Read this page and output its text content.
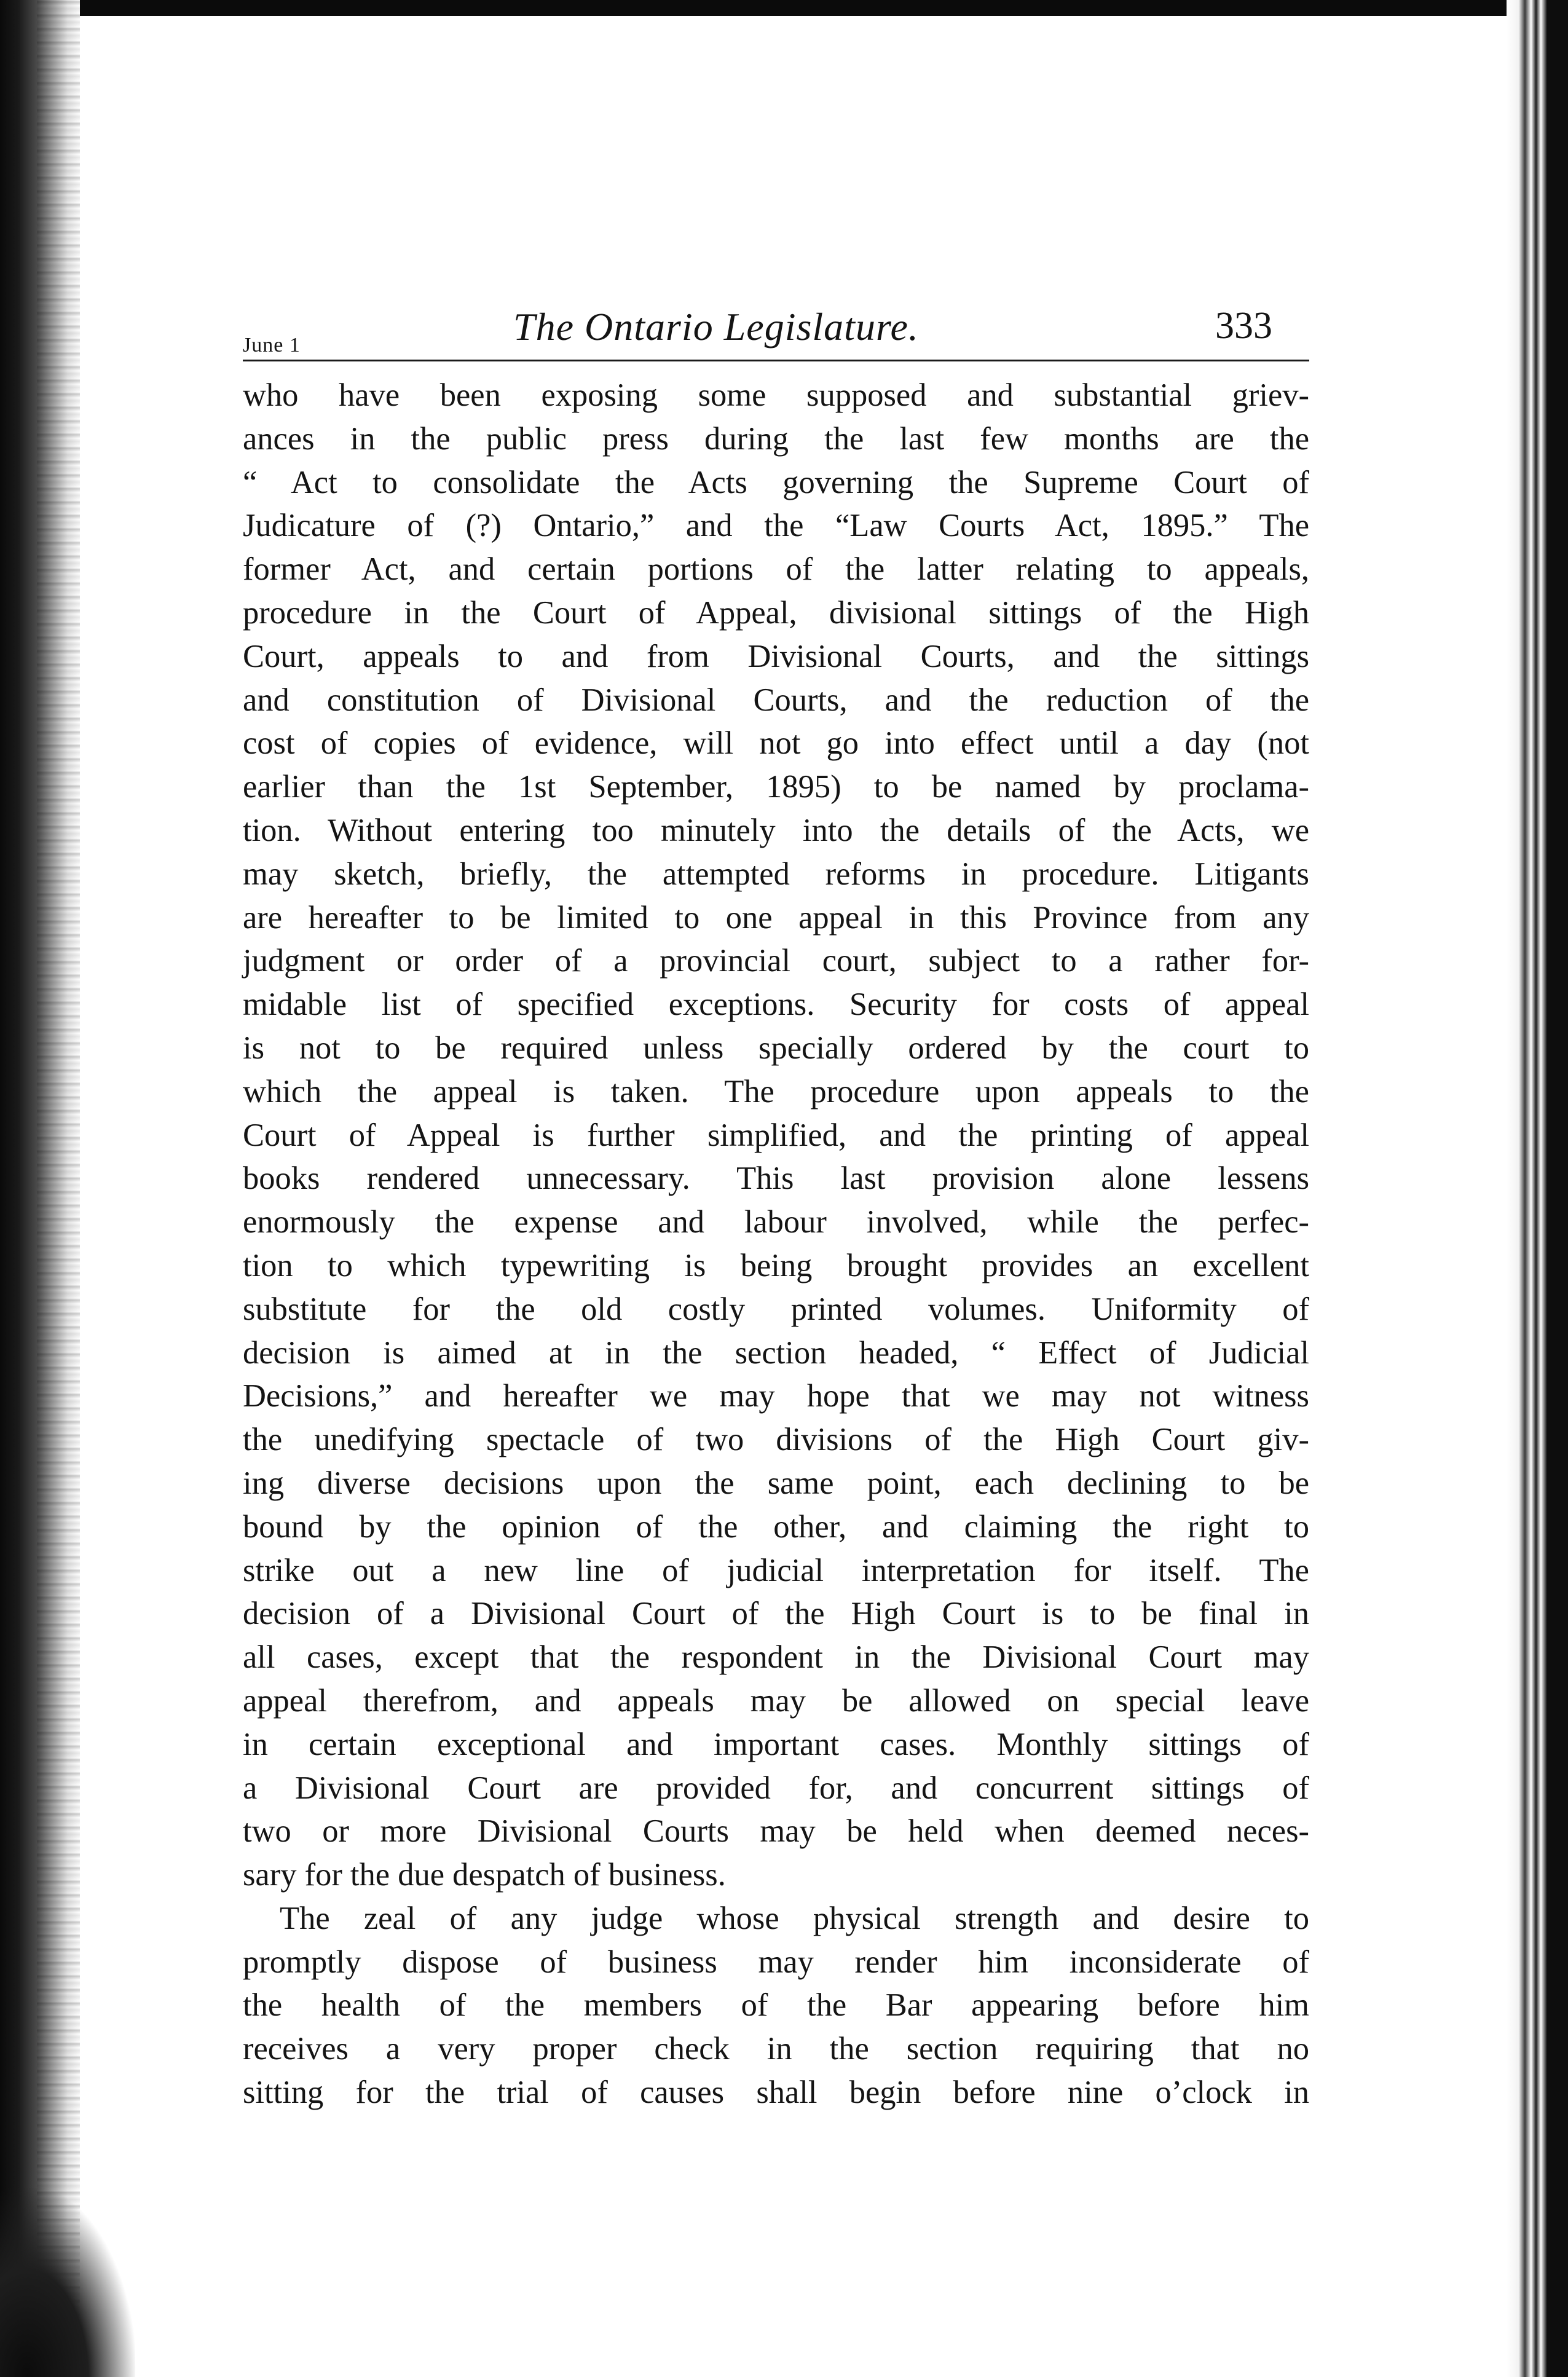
June 1	The Ontario Legislature.	333
who have been exposing some supposed and substantial griev-
ances in the public press during the last few months are the
“ Act to consolidate the Acts governing the Supreme Court of
Judicature of (?) Ontario,” and the “Law Courts Act, 1895.” The
former Act, and certain portions of the latter relating to appeals,
procedure in the Court of Appeal, divisional sittings of the High
Court, appeals to and from Divisional Courts, and the sittings
and constitution of Divisional Courts, and the reduction of the
cost of copies of evidence, will not go into effect until a day (not
earlier than the 1st September, 1895) to be named by proclama-
tion. Without entering too minutely into the details of the Acts, we
may sketch, briefly, the attempted reforms in procedure. Litigants
are hereafter to be limited to one appeal in this Province from any
judgment or order of a provincial court, subject to a rather for-
midable list of specified exceptions. Security for costs of appeal
is not to be required unless specially ordered by the court to
which the appeal is taken. The procedure upon appeals to the
Court of Appeal is further simplified, and the printing of appeal
books rendered unnecessary. This last provision alone lessens
enormously the expense and labour involved, while the perfec-
tion to which typewriting is being brought provides an excellent
substitute for the old costly printed volumes. Uniformity of
decision is aimed at in the section headed, “ Effect of Judicial
Decisions,” and hereafter we may hope that we may not witness
the unedifying spectacle of two divisions of the High Court giv-
ing diverse decisions upon the same point, each declining to be
bound by the opinion of the other, and claiming the right to
strike out a new line of judicial interpretation for itself. The
decision of a Divisional Court of the High Court is to be final in
all cases, except that the respondent in the Divisional Court may
appeal therefrom, and appeals may be allowed on special leave
in certain exceptional and important cases. Monthly sittings of
a Divisional Court are provided for, and concurrent sittings of
two or more Divisional Courts may be held when deemed neces-
sary for the due despatch of business.
The zeal of any judge whose physical strength and desire to
promptly dispose of business may render him inconsiderate of
the health of the members of the Bar appearing before him
receives a very proper check in the section requiring that no
sitting for the trial of causes shall begin before nine o’clock in
